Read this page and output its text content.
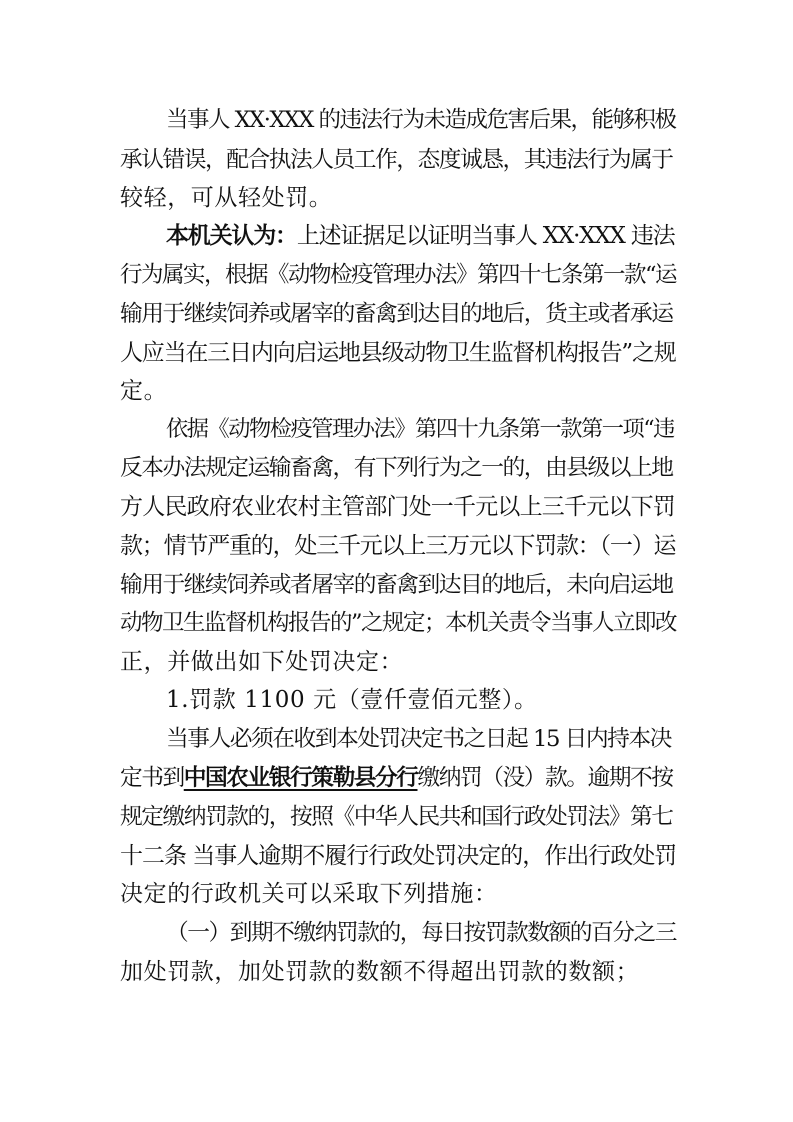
当事人 XX·XXX 的违法行为未造成危害后果，能够积极
承认错误，配合执法人员工作，态度诚恳，其违法行为属于
较轻，可从轻处罚。
本机关认为：上述证据足以证明当事人 XX·XXX 违法
行为属实，根据《动物检疫管理办法》第四十七条第一款“运
输用于继续饲养或屠宰的畜禽到达目的地后，货主或者承运
人应当在三日内向启运地县级动物卫生监督机构报告”之规
定。
依据《动物检疫管理办法》第四十九条第一款第一项“违
反本办法规定运输畜禽，有下列行为之一的，由县级以上地
方人民政府农业农村主管部门处一千元以上三千元以下罚
款；情节严重的，处三千元以上三万元以下罚款：（一）运
输用于继续饲养或者屠宰的畜禽到达目的地后，未向启运地
动物卫生监督机构报告的”之规定；本机关责令当事人立即改
正，并做出如下处罚决定：
1.罚款 1100 元（壹仟壹佰元整）。
当事人必须在收到本处罚决定书之日起 15 日内持本决
定书到中国农业银行策勒县分行缴纳罚（没）款。逾期不按
规定缴纳罚款的，按照《中华人民共和国行政处罚法》第七
十二条 当事人逾期不履行行政处罚决定的，作出行政处罚
决定的行政机关可以采取下列措施：
（一）到期不缴纳罚款的，每日按罚款数额的百分之三
加处罚款，加处罚款的数额不得超出罚款的数额；
